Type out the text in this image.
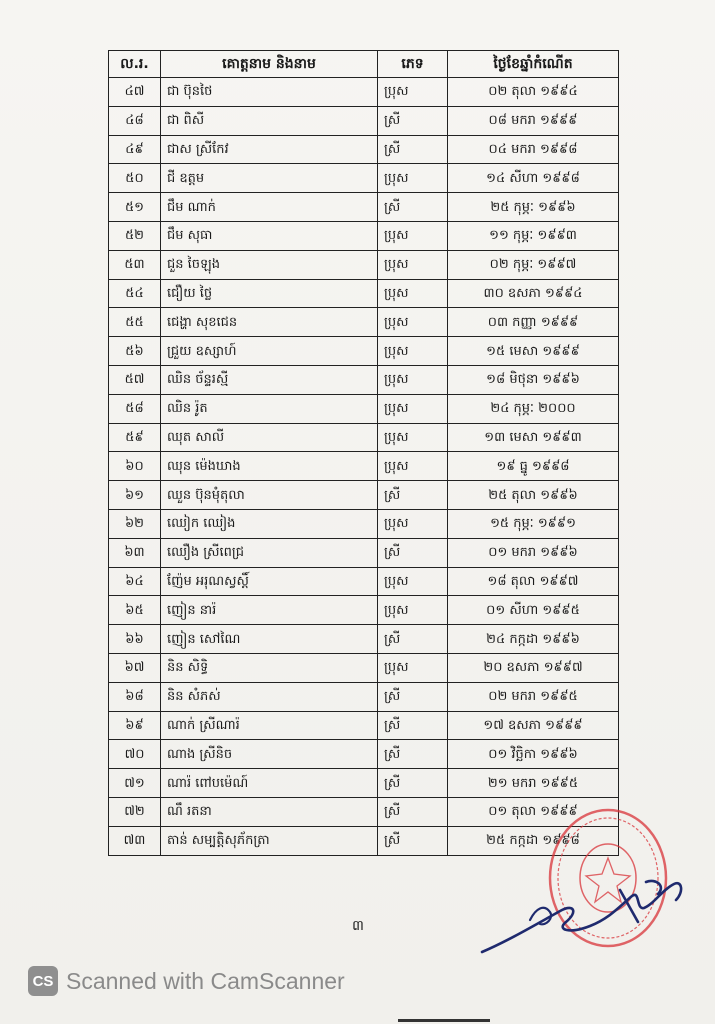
ល.រ.	គោត្តនាម និងនាម	ភេទ	ថ្ងៃខែឆ្នាំកំណើត
៤៧	ជា ប៊ុនថៃ	ប្រុស	០២ តុលា ១៩៩៤
៤៨	ជា ពិសី	ស្រី	០៨ មករា ១៩៩៩
៤៩	ជាស ស្រីកែវ	ស្រី	០៤ មករា ១៩៩៨
៥០	ជី ឧត្តម	ប្រុស	១៤ សីហា ១៩៩៨
៥១	ជឹម ណាក់	ស្រី	២៥ កុម្ភៈ ១៩៩៦
៥២	ជឹម សុធា	ប្រុស	១១ កុម្ភៈ ១៩៩៣
៥៣	ជួន ចៃឡុង	ប្រុស	០២ កុម្ភៈ ១៩៩៧
៥៤	ជឿយ ថ្លៃ	ប្រុស	៣០ ឧសភា ១៩៩៤
៥៥	ជេង្ហា សុខជេន	ប្រុស	០៣ កញ្ញា ១៩៩៩
៥៦	ជ្រួយ ឧស្សាហ៍	ប្រុស	១៥ មេសា ១៩៩៩
៥៧	ឈិន ច័ន្ទរស្មី	ប្រុស	១៨ មិថុនា ១៩៩៦
៥៨	ឈិន រ៉ូត	ប្រុស	២៤ កុម្ភៈ ២០០០
៥៩	ឈុត សាលី	ប្រុស	១៣ មេសា ១៩៩៣
៦០	ឈុន ម៉េងឃាង	ប្រុស	១៩ ធ្នូ ១៩៩៨
៦១	ឈួន ប៊ុនមុំតុលា	ស្រី	២៥ តុលា ១៩៩៦
៦២	ឈៀក ឈៀង	ប្រុស	១៥ កុម្ភៈ ១៩៩១
៦៣	ឈឿង ស្រីពេជ្រ	ស្រី	០១ មករា ១៩៩៦
៦៤	ញ៉ែម អរុណស្វស្តិ៍	ប្រុស	១៨ តុលា ១៩៩៧
៦៥	ញៀន នារ៉	ប្រុស	០១ សីហា ១៩៩៥
៦៦	ញៀន សៅណៃ	ស្រី	២៤ កក្កដា ១៩៩៦
៦៧	និន សិទ្ធិ	ប្រុស	២០ ឧសភា ១៩៩៧
៦៨	និន សំភស់	ស្រី	០២ មករា ១៩៩៥
៦៩	ណាក់ ស្រីណារ៉	ស្រី	១៧ ឧសភា ១៩៩៩
៧០	ណាង ស្រីនិច	ស្រី	០១ វិច្ឆិកា ១៩៩៦
៧១	ណារ៉ ពៅបម៉េណ៍	ស្រី	២១ មករា ១៩៩៥
៧២	ណឹ រតនា	ស្រី	០១ តុលា ១៩៩៩
៧៣	តាន់ សម្បត្តិសុភ័កត្រា	ស្រី	២៥ កក្កដា ១៩៩៨
៣
CS Scanned with CamScanner
